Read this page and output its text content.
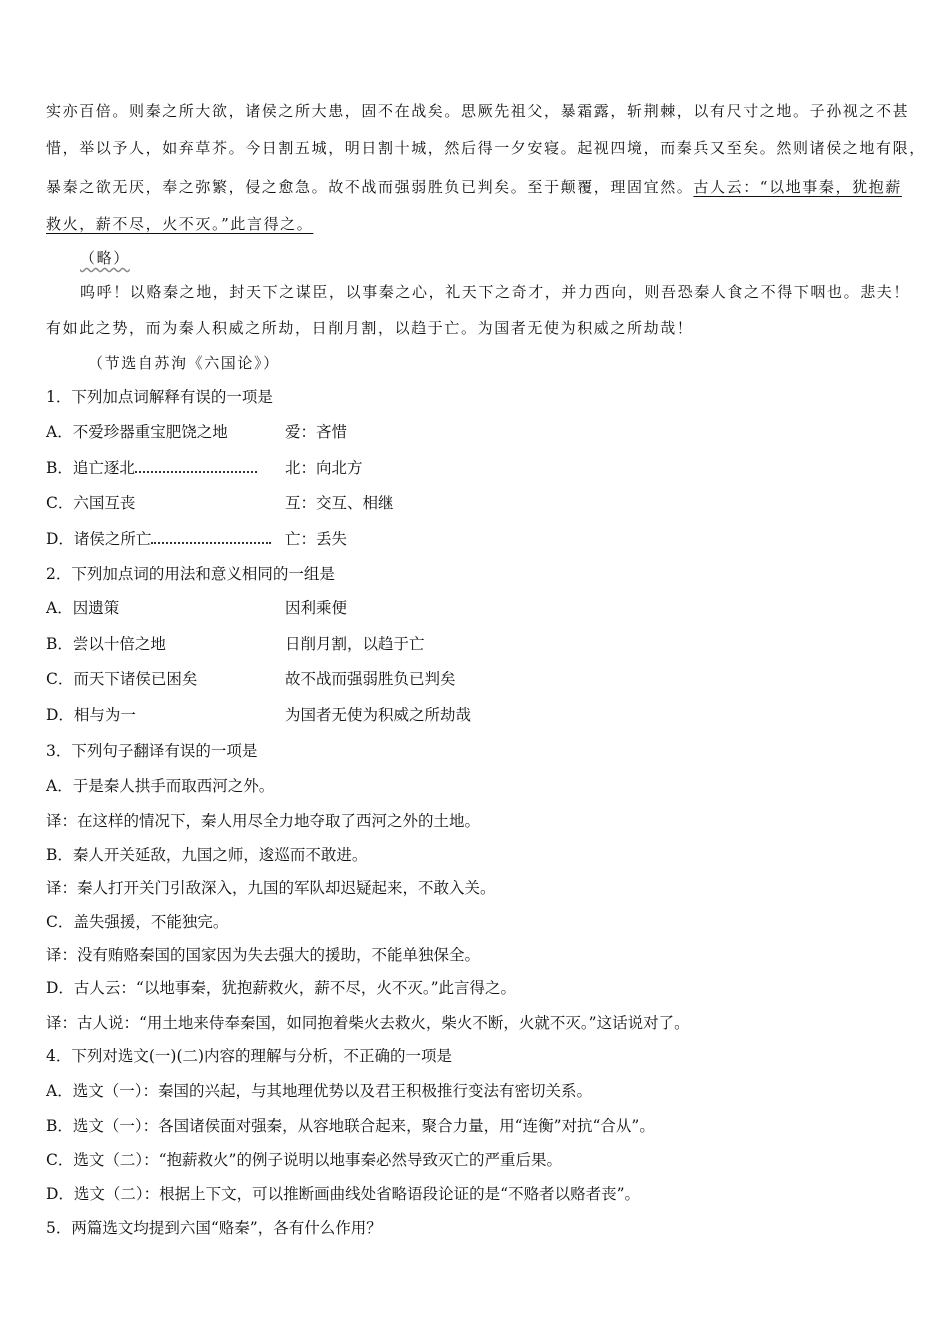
实亦百倍。则秦之所大欲，诸侯之所大患，固不在战矣。思厥先祖父，暴霜露，斩荆棘，以有尺寸之地。子孙视之不甚
惜，举以予人，如弃草芥。今日割五城，明日割十城，然后得一夕安寝。起视四境，而秦兵又至矣。然则诸侯之地有限，
暴秦之欲无厌，奉之弥繁，侵之愈急。故不战而强弱胜负已判矣。至于颠覆，理固宜然。古人云：“以地事秦，犹抱薪
救火，薪不尽，火不灭。”此言得之。
（略）
呜呼！以赂秦之地，封天下之谋臣，以事秦之心，礼天下之奇才，并力西向，则吾恐秦人食之不得下咽也。悲夫！
有如此之势，而为秦人积威之所劫，日削月割，以趋于亡。为国者无使为积威之所劫哉！
（节选自苏洵《六国论》）
1．下列加点词解释有误的一项是
A．不爱珍器重宝肥饶之地	爱：吝惜
B．追亡逐北	北：向北方
C．六国互丧	互：交互、相继
D．诸侯之所亡	亡：丢失
2．下列加点词的用法和意义相同的一组是
A．因遗策	因利乘便
B．尝以十倍之地	日削月割，以趋于亡
C．而天下诸侯已困矣	故不战而强弱胜负已判矣
D．相与为一	为国者无使为积威之所劫哉
3．下列句子翻译有误的一项是
A．于是秦人拱手而取西河之外。
译：在这样的情况下，秦人用尽全力地夺取了西河之外的土地。
B．秦人开关延敌，九国之师，逡巡而不敢进。
译：秦人打开关门引敌深入，九国的军队却迟疑起来，不敢入关。
C．盖失强援，不能独完。
译：没有贿赂秦国的国家因为失去强大的援助，不能单独保全。
D．古人云：“以地事秦，犹抱薪救火，薪不尽，火不灭。”此言得之。
译：古人说：“用土地来侍奉秦国，如同抱着柴火去救火，柴火不断，火就不灭。”这话说对了。
4．下列对选文(一)(二)内容的理解与分析，不正确的一项是
A．选文（一）：秦国的兴起，与其地理优势以及君王积极推行变法有密切关系。
B．选文（一）：各国诸侯面对强秦，从容地联合起来，聚合力量，用“连衡”对抗“合从”。
C．选文（二）：“抱薪救火”的例子说明以地事秦必然导致灭亡的严重后果。
D．选文（二）：根据上下文，可以推断画曲线处省略语段论证的是“不赂者以赂者丧”。
5．两篇选文均提到六国“赂秦”，各有什么作用？
